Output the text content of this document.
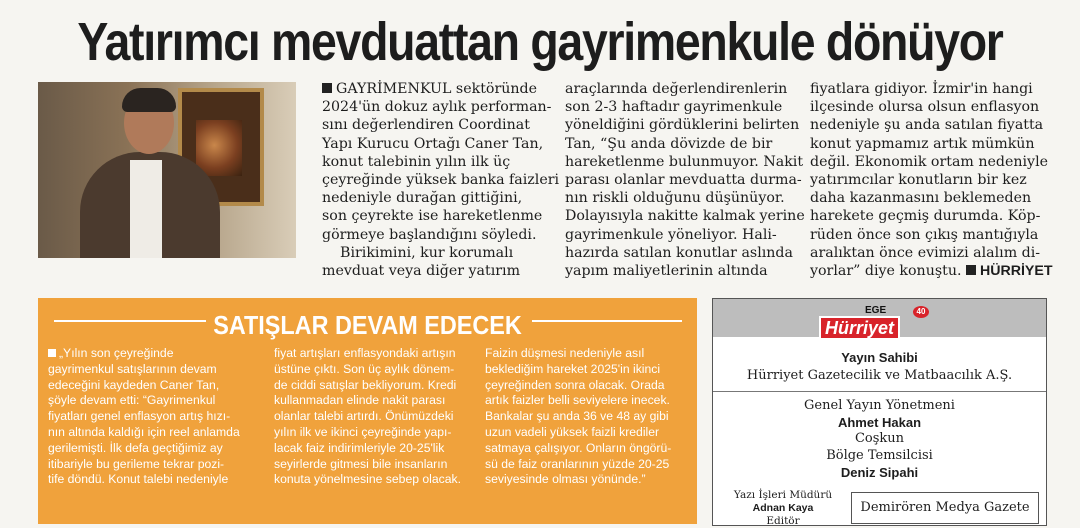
Yatırımcı mevduattan gayrimenkule dönüyor
GAYRİMENKUL sektöründe
2024'ün dokuz aylık performan-
sını değerlendiren Coordinat
Yapı Kurucu Ortağı Caner Tan,
konut talebinin yılın ilk üç
çeyreğinde yüksek banka faizleri
nedeniyle durağan gittiğini,
son çeyrekte ise hareketlenme
görmeye başlandığını söyledi.
Birikimini, kur korumalı
mevduat veya diğer yatırım
araçlarında değerlendirenlerin
son 2-3 haftadır gayrimenkule
yöneldiğini gördüklerini belirten
Tan, “Şu anda dövizde de bir
hareketlenme bulunmuyor. Nakit
parası olanlar mevduatta durma-
nın riskli olduğunu düşünüyor.
Dolayısıyla nakitte kalmak yerine
gayrimenkule yöneliyor. Hali-
hazırda satılan konutlar aslında
yapım maliyetlerinin altında
fiyatlara gidiyor. İzmir'in hangi
ilçesinde olursa olsun enflasyon
nedeniyle şu anda satılan fiyatta
konut yapmamız artık mümkün
değil. Ekonomik ortam nedeniyle
yatırımcılar konutların bir kez
daha kazanmasını beklemeden
harekete geçmiş durumda. Köp-
rüden önce son çıkış mantığıyla
aralıktan önce evimizi alalım di-
yorlar” diye konuştu. HÜRRİYET
SATIŞLAR DEVAM EDECEK
„Yılın son çeyreğinde
gayrimenkul satışlarının devam
edeceğini kaydeden Caner Tan,
şöyle devam etti: “Gayrimenkul
fiyatları genel enflasyon artış hızı-
nın altında kaldığı için reel anlamda
gerilemişti. İlk defa geçtiğimiz ay
itibariyle bu gerileme tekrar pozi-
tife döndü. Konut talebi nedeniyle
fiyat artışları enflasyondaki artışın
üstüne çıktı. Son üç aylık dönem-
de ciddi satışlar bekliyorum. Kredi
kullanmadan elinde nakit parası
olanlar talebi artırdı. Önümüzdeki
yılın ilk ve ikinci çeyreğinde yapı-
lacak faiz indirimleriyle 20-25'lik
seyirlerde gitmesi bile insanların
konuta yönelmesine sebep olacak.
Faizin düşmesi nedeniyle asıl
beklediğim hareket 2025'in ikinci
çeyreğinden sonra olacak. Orada
artık faizler belli seviyelere inecek.
Bankalar şu anda 36 ve 48 ay gibi
uzun vadeli yüksek faizli krediler
satmaya çalışıyor. Onların öngörü-
sü de faiz oranlarının yüzde 20-25
seviyesinde olması yönünde.”
EGE	40
Hürriyet
Yayın Sahibi
Hürriyet Gazetecilik ve Matbaacılık A.Ş.
Genel Yayın Yönetmeni
Ahmet Hakan
Coşkun
Bölge Temsilcisi
Deniz Sipahi
Yazı İşleri Müdürü
Adnan Kaya
Editör
Demirören Medya Gazete
